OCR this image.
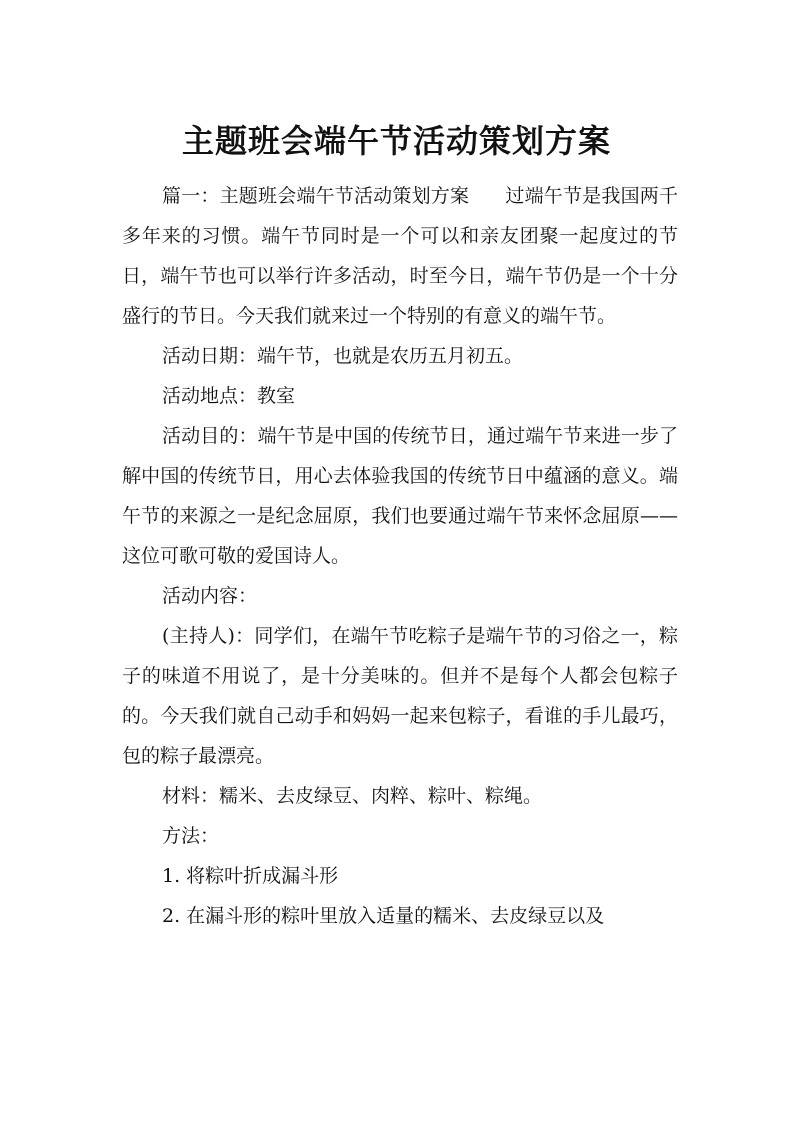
主题班会端午节活动策划方案

篇一：主题班会端午节活动策划方案 过端午节是我国两千多年来的习惯。端午节同时是一个可以和亲友团聚一起度过的节日，端午节也可以举行许多活动，时至今日，端午节仍是一个十分盛行的节日。今天我们就来过一个特别的有意义的端午节。

活动日期：端午节，也就是农历五月初五。

活动地点：教室

活动目的：端午节是中国的传统节日，通过端午节来进一步了解中国的传统节日，用心去体验我国的传统节日中蕴涵的意义。端午节的来源之一是纪念屈原，我们也要通过端午节来怀念屈原——这位可歌可敬的爱国诗人。

活动内容：

(主持人)：同学们，在端午节吃粽子是端午节的习俗之一，粽子的味道不用说了，是十分美味的。但并不是每个人都会包粽子的。今天我们就自己动手和妈妈一起来包粽子，看谁的手儿最巧，包的粽子最漂亮。

材料：糯米、去皮绿豆、肉粹、粽叶、粽绳。

方法：

1. 将粽叶折成漏斗形

2. 在漏斗形的粽叶里放入适量的糯米、去皮绿豆以及
